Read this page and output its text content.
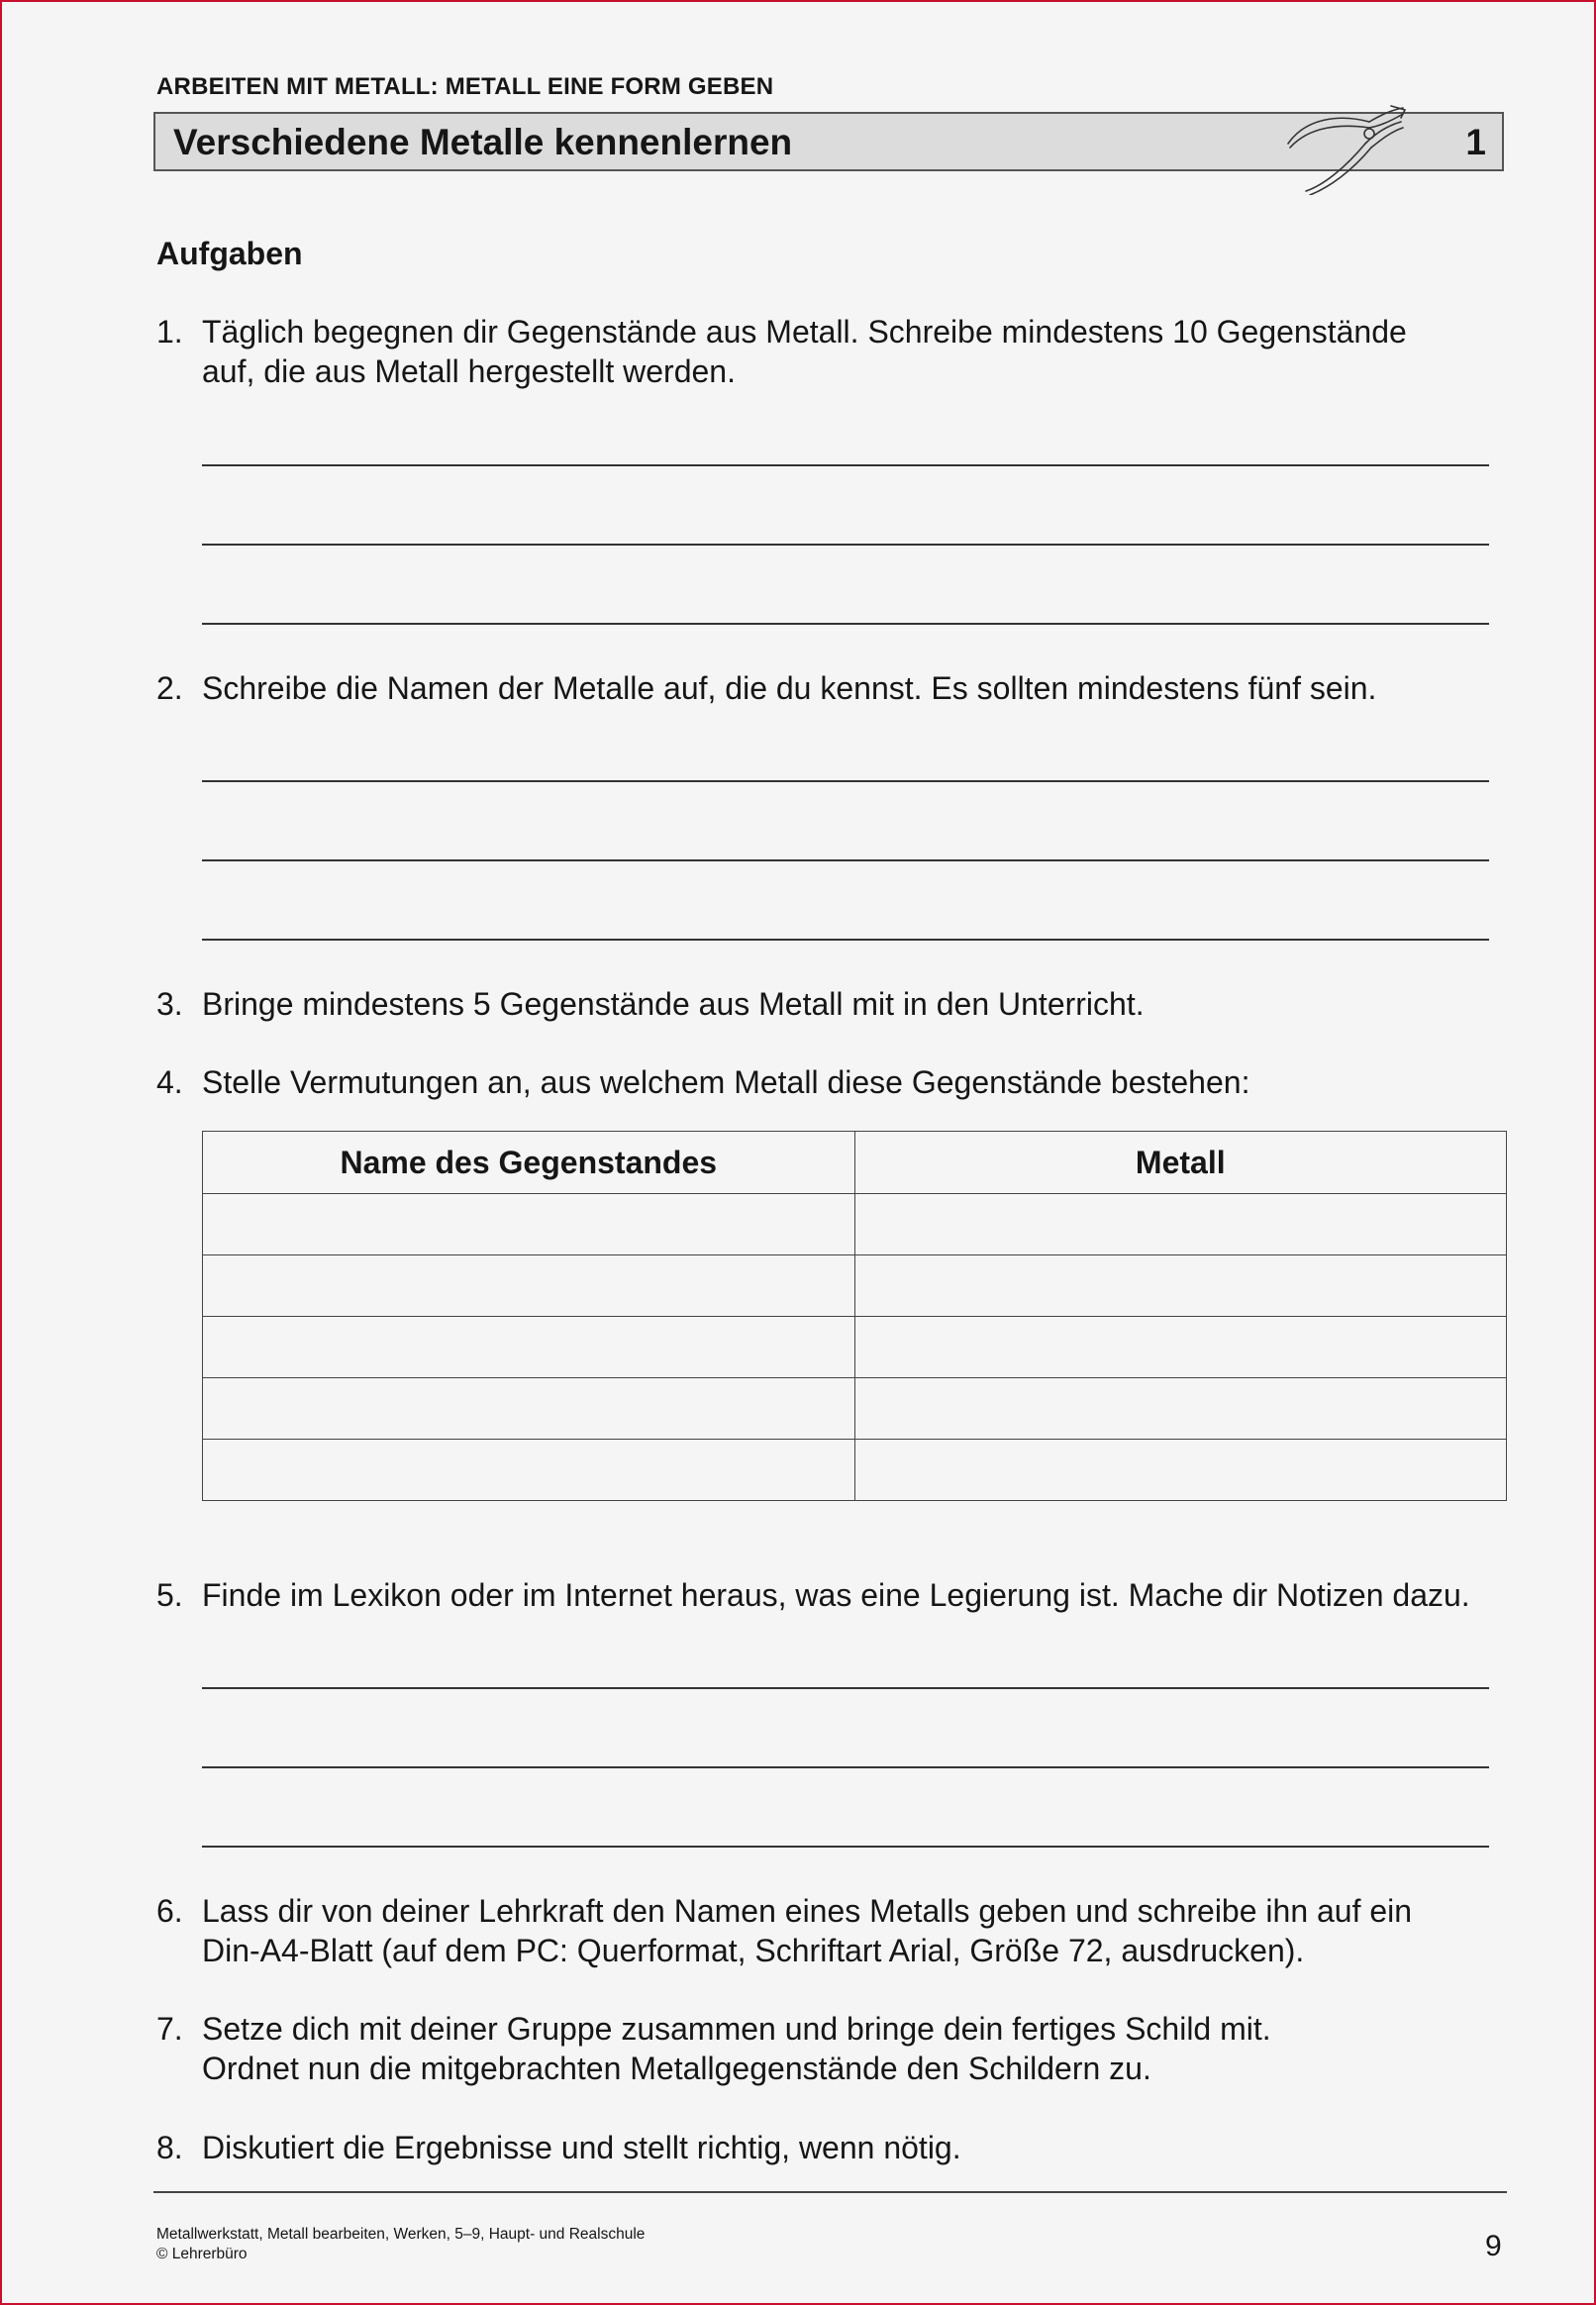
ARBEITEN MIT METALL: METALL EINE FORM GEBEN
Verschiedene Metalle kennenlernen	1
Aufgaben
1. Täglich begegnen dir Gegenstände aus Metall. Schreibe mindestens 10 Gegenstände
auf, die aus Metall hergestellt werden.
2. Schreibe die Namen der Metalle auf, die du kennst. Es sollten mindestens fünf sein.
3. Bringe mindestens 5 Gegenstände aus Metall mit in den Unterricht.
4. Stelle Vermutungen an, aus welchem Metall diese Gegenstände bestehen:
Name des Gegenstandes	Metall

5. Finde im Lexikon oder im Internet heraus, was eine Legierung ist. Mache dir Notizen dazu.
6. Lass dir von deiner Lehrkraft den Namen eines Metalls geben und schreibe ihn auf ein
Din-A4-Blatt (auf dem PC: Querformat, Schriftart Arial, Größe 72, ausdrucken).
7. Setze dich mit deiner Gruppe zusammen und bringe dein fertiges Schild mit.
Ordnet nun die mitgebrachten Metallgegenstände den Schildern zu.
8. Diskutiert die Ergebnisse und stellt richtig, wenn nötig.
Metallwerkstatt, Metall bearbeiten, Werken, 5–9, Haupt- und Realschule
© Lehrerbüro	9
